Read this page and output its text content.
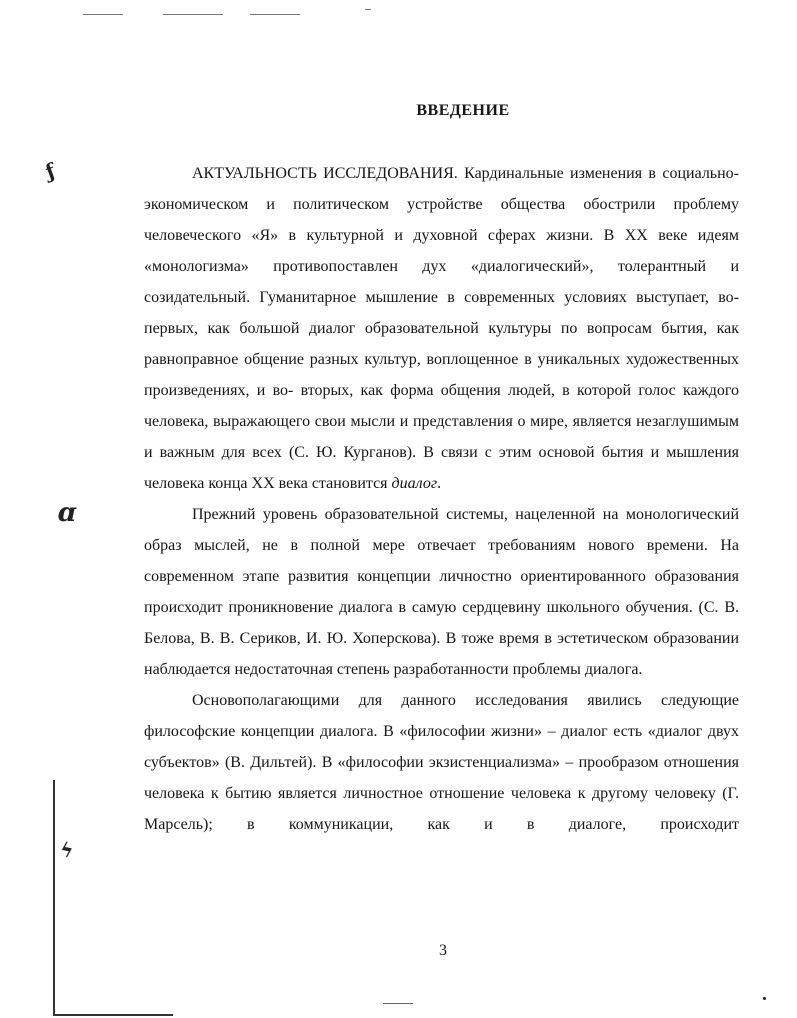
ƒ
ɑ
ϟ
ВВЕДЕНИЕ

АКТУАЛЬНОСТЬ ИССЛЕДОВАНИЯ. Кардинальные изменения в социально-экономическом и политическом устройстве общества обострили проблему человеческого «Я» в культурной и духовной сферах жизни. В XX веке идеям «монологизма» противопоставлен дух «диалогический», толерантный и созидательный. Гуманитарное мышление в современных условиях выступает, во-первых, как большой диалог образовательной культуры по вопросам бытия, как равноправное общение разных культур, воплощенное в уникальных художественных произведениях, и во- вторых, как форма общения людей, в которой голос каждого человека, выражающего свои мысли и представления о мире, является незаглушимым и важным для всех (С. Ю. Курганов). В связи с этим основой бытия и мышления человека конца XX века становится диалог.

Прежний уровень образовательной системы, нацеленной на монологический образ мыслей, не в полной мере отвечает требованиям нового времени. На современном этапе развития концепции личностно ориентированного образования происходит проникновение диалога в самую сердцевину школьного обучения. (С. В. Белова, В. В. Сериков, И. Ю. Хоперскова). В тоже время в эстетическом образовании наблюдается недостаточная степень разработанности проблемы диалога.

Основополагающими для данного исследования явились следующие философские концепции диалога. В «философии жизни» – диалог есть «диалог двух субъектов» (В. Дильтей). В «философии экзистенциализма» – прообразом отношения человека к бытию является личностное отношение человека к другому человеку (Г. Марсель); в коммуникации, как и в диалоге, происходит

3
